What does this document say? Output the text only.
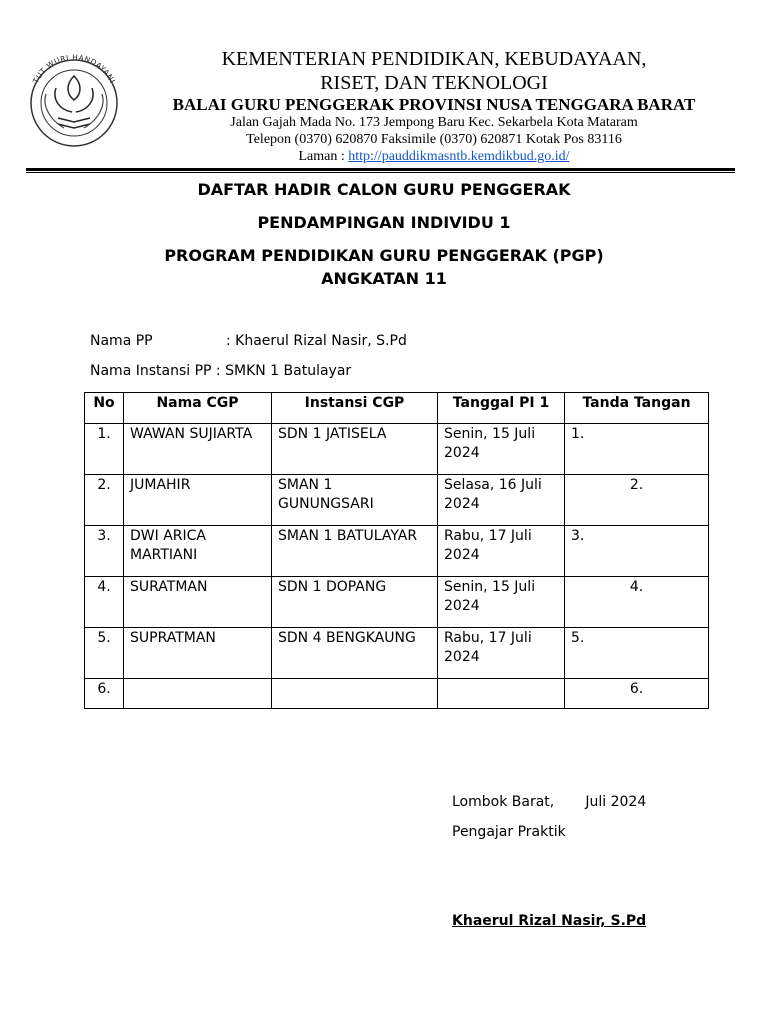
TUT WURI HANDAYANI
KEMENTERIAN PENDIDIKAN, KEBUDAYAAN,
RISET, DAN TEKNOLOGI
BALAI GURU PENGGERAK PROVINSI NUSA TENGGARA BARAT
Jalan Gajah Mada No. 173 Jempong Baru Kec. Sekarbela Kota Mataram
Telepon (0370) 620870 Faksimile (0370) 620871 Kotak Pos 83116
Laman : http://pauddikmasntb.kemdikbud.go.id/
DAFTAR HADIR CALON GURU PENGGERAK
PENDAMPINGAN INDIVIDU 1
PROGRAM PENDIDIKAN GURU PENGGERAK (PGP)
ANGKATAN 11
Nama PP	: Khaerul Rizal Nasir, S.Pd
Nama Instansi PP : SMKN 1 Batulayar
No	Nama CGP	Instansi CGP	Tanggal PI 1	Tanda Tangan
1.	WAWAN SUJIARTA	SDN 1 JATISELA	Senin, 15 Juli 2024	1.
2.	JUMAHIR	SMAN 1 GUNUNGSARI	Selasa, 16 Juli 2024	2.
3.	DWI ARICA MARTIANI	SMAN 1 BATULAYAR	Rabu, 17 Juli 2024	3.
4.	SURATMAN	SDN 1 DOPANG	Senin, 15 Juli 2024	4.
5.	SUPRATMAN	SDN 4 BENGKAUNG	Rabu, 17 Juli 2024	5.
6.				6.
Lombok Barat,       Juli 2024
Pengajar Praktik
Khaerul Rizal Nasir, S.Pd
